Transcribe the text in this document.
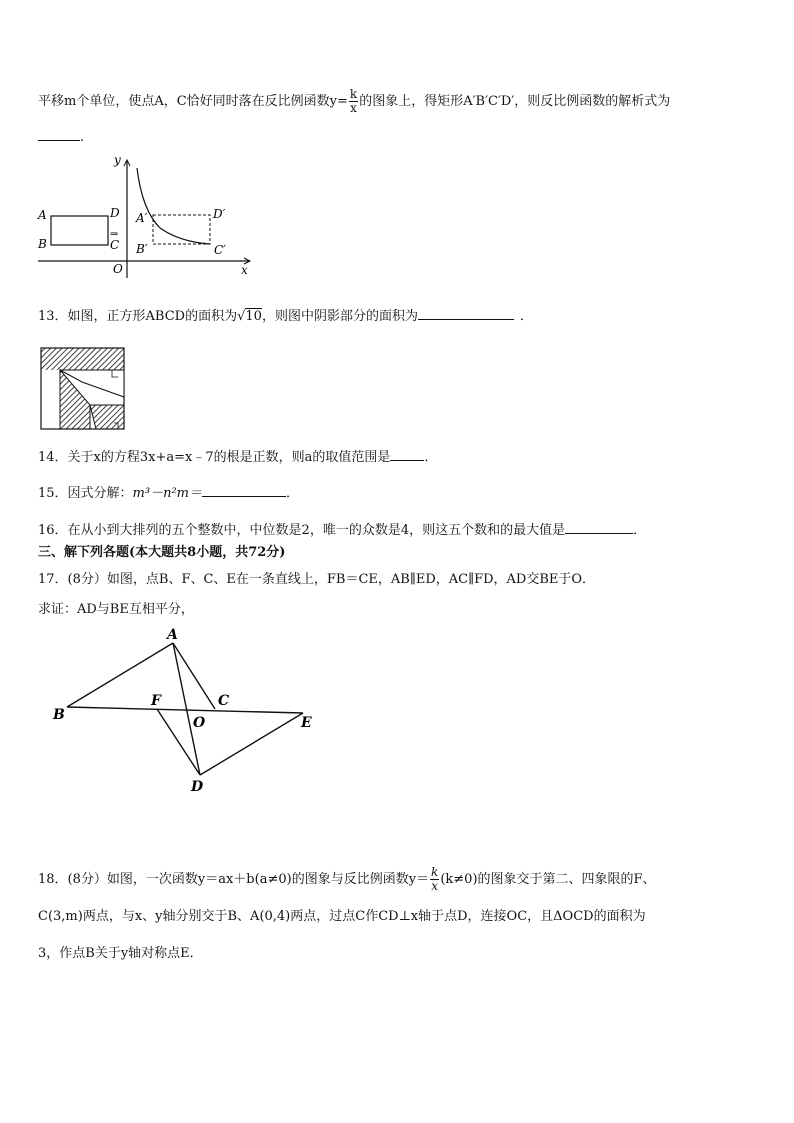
平移m个单位，使点A，C恰好同时落在反比例函数$y= \frac{k}{x}$ 的图象上，得矩形A′B′C′D′，则反比例函数的解析式为
.
y
x
O
A
B	C
D
⇒
A′
B′	C′
D′
13．如图，正方形ABCD的面积为√10，则图中阴影部分的面积为	．
14．关于x的方程3x+a=x﹣7的根是正数，则a的取值范围是	．
15．因式分解：m³－n²m＝	．
16．在从小到大排列的五个整数中，中位数是2，唯一的众数是4，则这五个数和的最大值是	．
三、解下列各题(本大题共8小题，共72分)
17．(8分）如图，点B、F、C、E在一条直线上，FB＝CE，AB∥ED，AC∥FD，AD交BE于O．
求证：AD与BE互相平分，
A
B
F	C
O	E
D
18．(8分）如图，一次函数y＝ax＋b(a≠0)的图象与反比例函数$y= \frac{k}{x} (k\ne 0)$的图象交于第二、四象限的F、
C(3,m)两点，与x、y轴分别交于B、A(0,4)两点，过点C作CD⊥x轴于点D，连接OC，且ΔOCD的面积为
3，作点B关于y轴对称点E．
